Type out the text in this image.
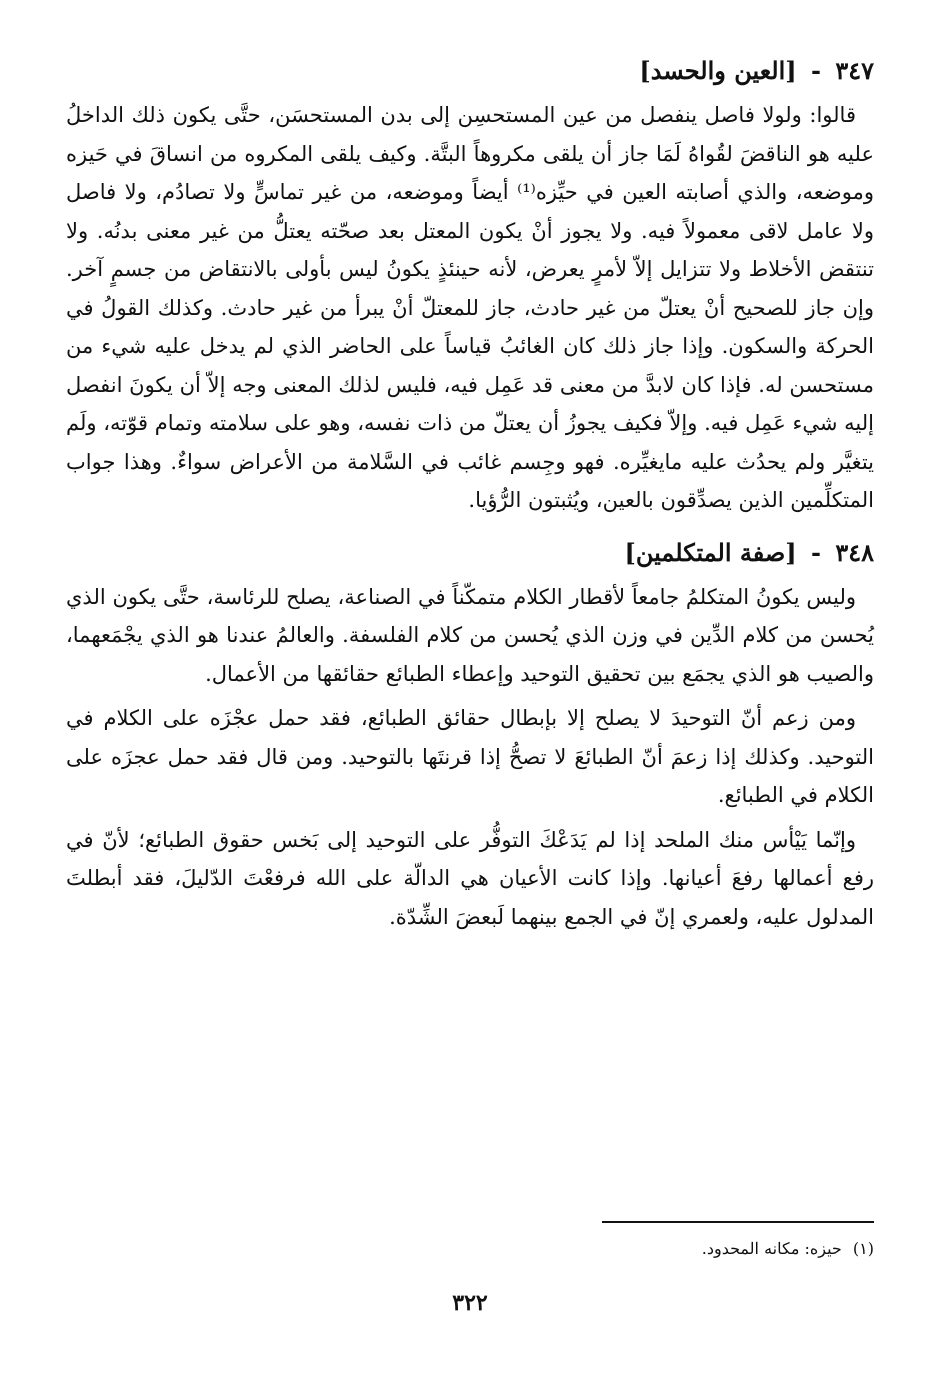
٣٤٧ - [العين والحسد]

قالوا: ولولا فاصل ينفصل من عين المستحسِن إلى بدن المستحسَن، حتَّى يكون ذلك الداخلُ عليه هو الناقضَ لقُواهُ لَمَا جاز أن يلقى مكروهاً البتَّة. وكيف يلقى المكروه من انساقَ في حَيزه وموضعه، والذي أصابته العين في حيِّزه⁽¹⁾ أيضاً وموضعه، من غير تماسٍّ ولا تصادُم، ولا فاصل ولا عامل لاقى معمولاً فيه. ولا يجوز أنْ يكون المعتل بعد صحّته يعتلُّ من غير معنى بدنُه. ولا تنتقض الأخلاط ولا تتزايل إلاّ لأمرٍ يعرض، لأنه حينئذٍ يكونُ ليس بأولى بالانتقاض من جسمٍ آخر. وإن جاز للصحيح أنْ يعتلّ من غير حادث، جاز للمعتلّ أنْ يبرأ من غير حادث. وكذلك القولُ في الحركة والسكون. وإذا جاز ذلك كان الغائبُ قياساً على الحاضر الذي لم يدخل عليه شيء من مستحسن له. فإذا كان لابدَّ من معنى قد عَمِل فيه، فليس لذلك المعنى وجه إلاّ أن يكونَ انفصل إليه شيء عَمِل فيه. وإلاّ فكيف يجوزُ أن يعتلّ من ذات نفسه، وهو على سلامته وتمام قوّته، ولَم يتغيَّر ولم يحدُث عليه مايغيِّره. فهو وجِسم غائب في السَّلامة من الأعراض سواءٌ. وهذا جواب المتكلِّمين الذين يصدِّقون بالعين، ويُثبتون الرُّؤيا.

٣٤٨ - [صفة المتكلمين]

وليس يكونُ المتكلمُ جامعاً لأقطار الكلام متمكّناً في الصناعة، يصلح للرئاسة، حتَّى يكون الذي يُحسن من كلام الدِّين في وزن الذي يُحسن من كلام الفلسفة. والعالمُ عندنا هو الذي يجْمَعهما، والصيب هو الذي يجمَع بين تحقيق التوحيد وإعطاء الطبائع حقائقها من الأعمال.

ومن زعم أنّ التوحيدَ لا يصلح إلا بإبطال حقائق الطبائع، فقد حمل عجْزَه على الكلام في التوحيد. وكذلك إذا زعمَ أنّ الطبائعَ لا تصحُّ إذا قرنتَها بالتوحيد. ومن قال فقد حمل عجزَه على الكلام في الطبائع.

وإنّما يَيْأس منك الملحد إذا لم يَدَعْكَ التوفُّر على التوحيد إلى بَخس حقوق الطبائع؛ لأنّ في رفع أعمالها رفعَ أعيانها. وإذا كانت الأعيان هي الدالّة على الله فرفعْتَ الدّليلَ، فقد أبطلتَ المدلول عليه، ولعمري إنّ في الجمع بينهما لَبعضَ الشِّدّة.

(١) حيزه: مكانه المحدود.
٣٢٢
